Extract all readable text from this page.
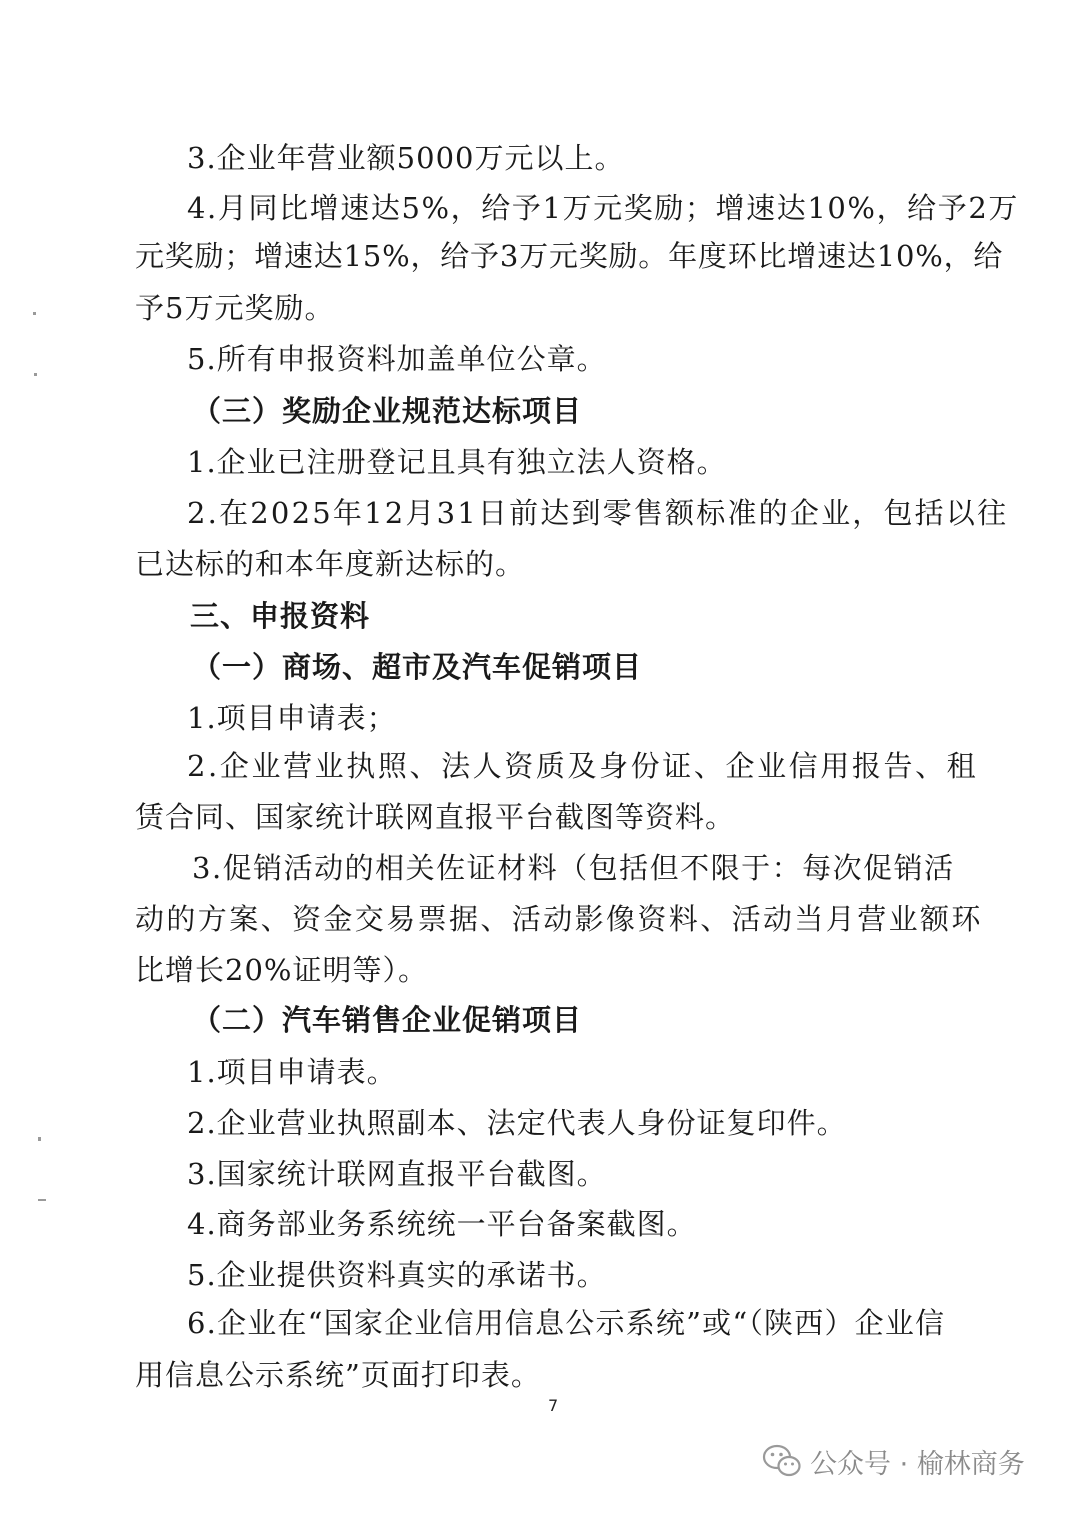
3.企业年营业额5000万元以上。
4.月同比增速达5%，给予1万元奖励；增速达10%，给予2万
元奖励；增速达15%，给予3万元奖励。年度环比增速达10%，给
予5万元奖励。
5.所有申报资料加盖单位公章。
（三）奖励企业规范达标项目
1.企业已注册登记且具有独立法人资格。
2.在2025年12月31日前达到零售额标准的企业，包括以往
已达标的和本年度新达标的。
三、申报资料
（一）商场、超市及汽车促销项目
1.项目申请表；
2.企业营业执照、法人资质及身份证、企业信用报告、租
赁合同、国家统计联网直报平台截图等资料。
3.促销活动的相关佐证材料（包括但不限于：每次促销活
动的方案、资金交易票据、活动影像资料、活动当月营业额环
比增长20%证明等）。
（二）汽车销售企业促销项目
1.项目申请表。
2.企业营业执照副本、法定代表人身份证复印件。
3.国家统计联网直报平台截图。
4.商务部业务系统统一平台备案截图。
5.企业提供资料真实的承诺书。
6.企业在“国家企业信用信息公示系统”或“（陕西）企业信
用信息公示系统”页面打印表。
7
公众号 · 榆林商务
